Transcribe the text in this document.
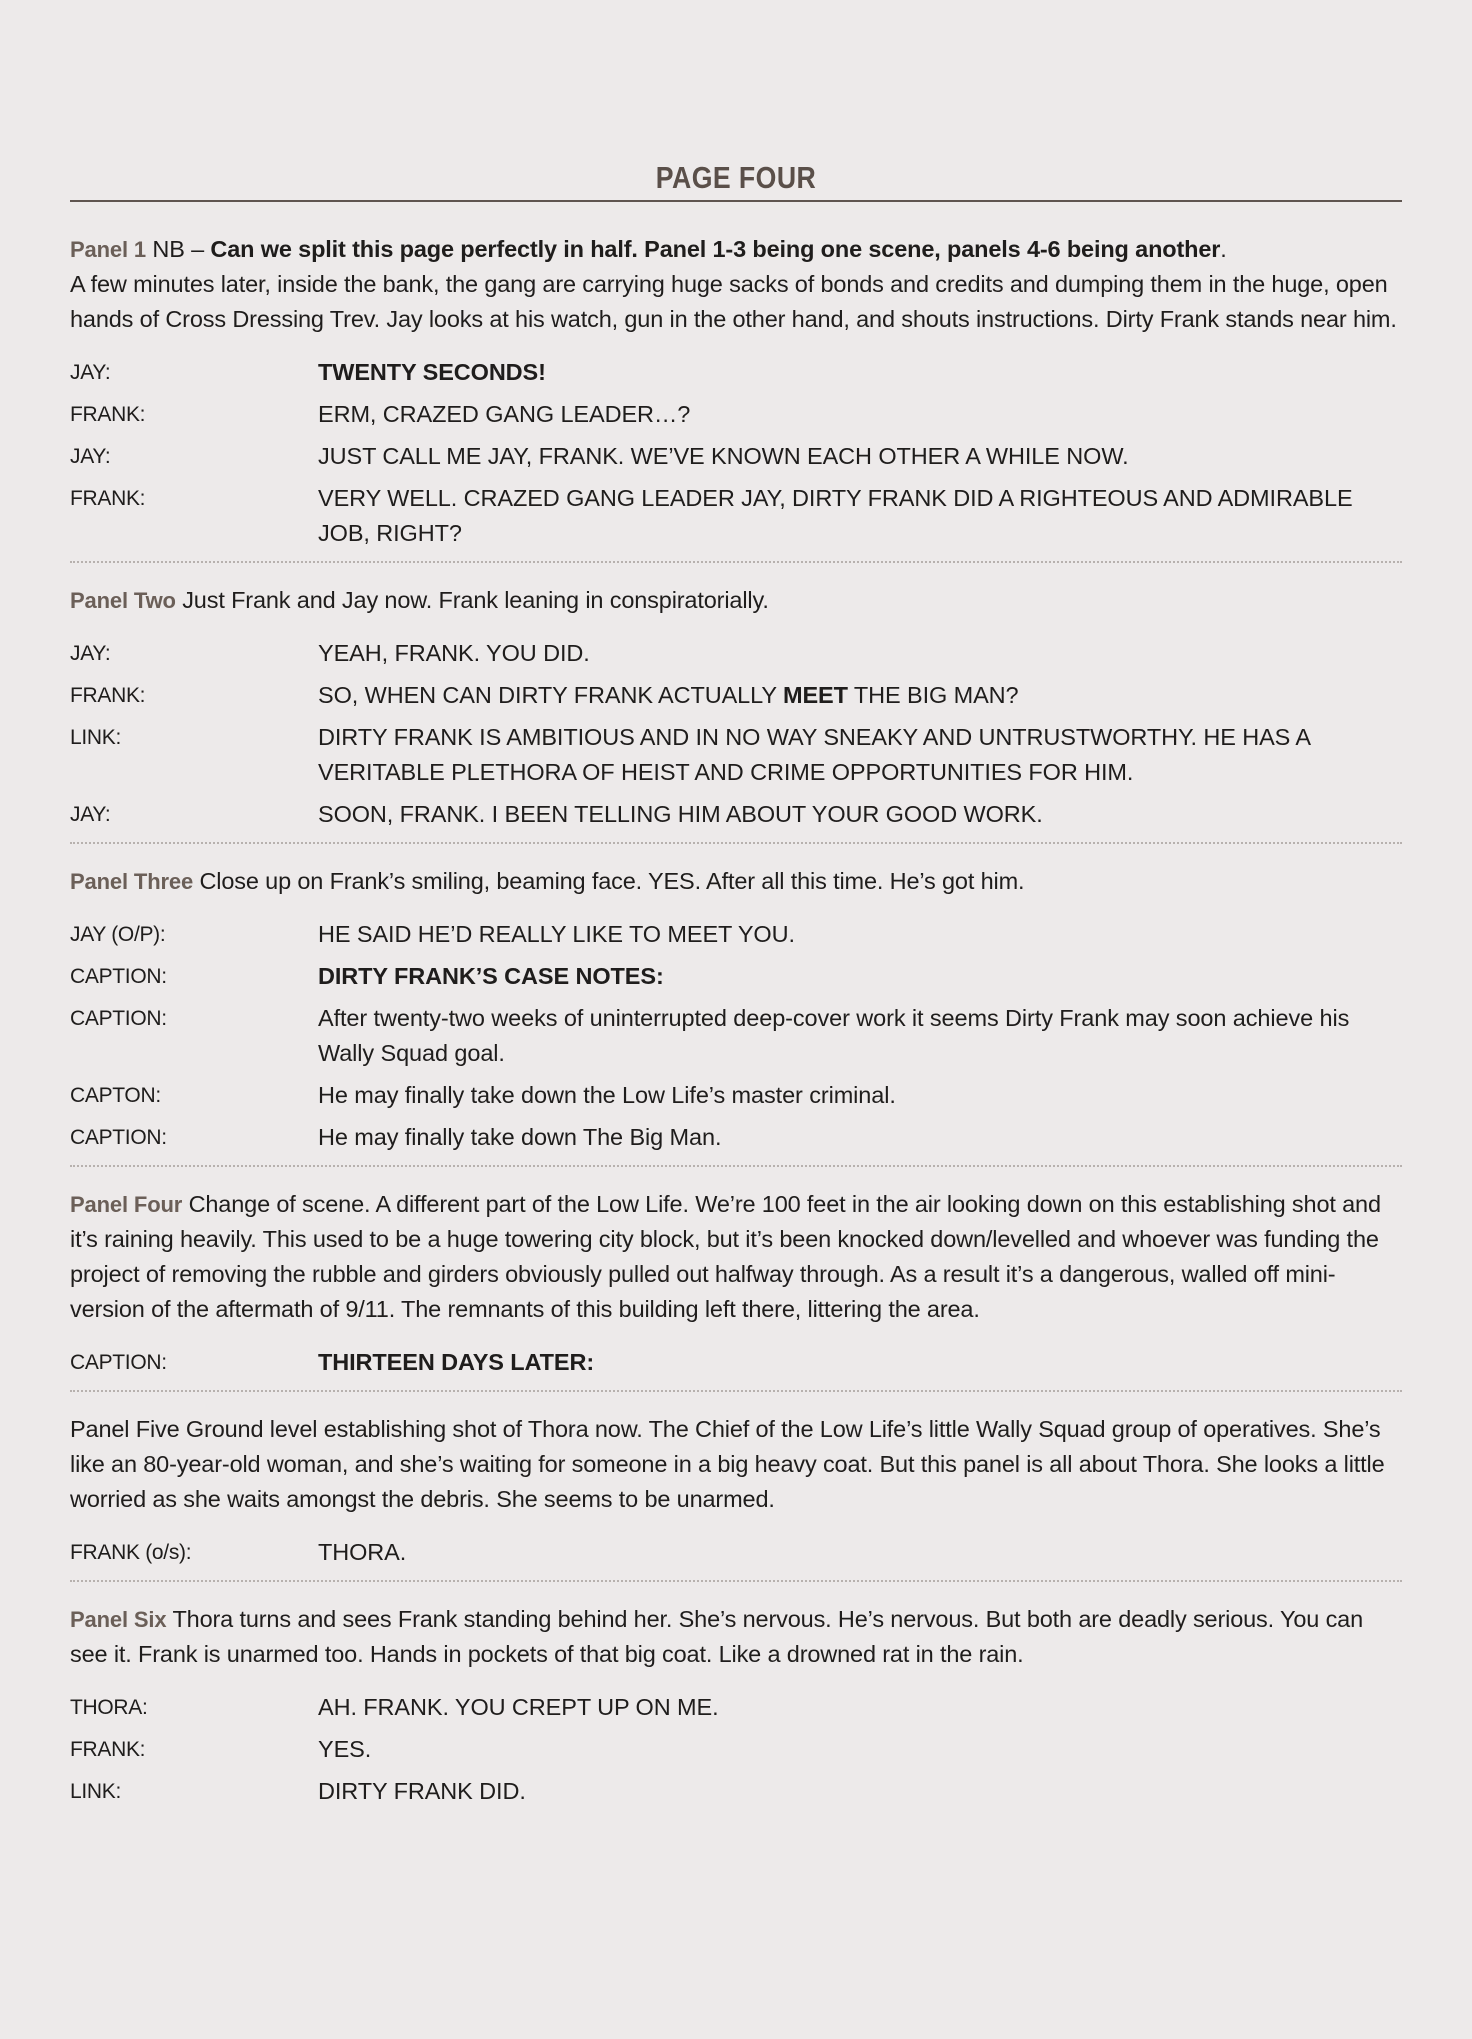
PAGE FOUR

Panel 1 NB – Can we split this page perfectly in half. Panel 1-3 being one scene, panels 4-6 being another.
A few minutes later, inside the bank, the gang are carrying huge sacks of bonds and credits and dumping them in the huge, open hands of Cross Dressing Trev. Jay looks at his watch, gun in the other hand, and shouts instructions. Dirty Frank stands near him.

JAY:	TWENTY SECONDS!
FRANK:	ERM, CRAZED GANG LEADER…?
JAY:	JUST CALL ME JAY, FRANK. WE’VE KNOWN EACH OTHER A WHILE NOW.
FRANK:	VERY WELL. CRAZED GANG LEADER JAY, DIRTY FRANK DID A RIGHTEOUS AND ADMIRABLE JOB, RIGHT?

Panel Two Just Frank and Jay now. Frank leaning in conspiratorially.

JAY:	YEAH, FRANK. YOU DID.
FRANK:	SO, WHEN CAN DIRTY FRANK ACTUALLY MEET THE BIG MAN?
LINK:	DIRTY FRANK IS AMBITIOUS AND IN NO WAY SNEAKY AND UNTRUSTWORTHY. HE HAS A VERITABLE PLETHORA OF HEIST AND CRIME OPPORTUNITIES FOR HIM.
JAY:	SOON, FRANK. I BEEN TELLING HIM ABOUT YOUR GOOD WORK.

Panel Three Close up on Frank’s smiling, beaming face. YES. After all this time. He’s got him.

JAY (O/P):	HE SAID HE’D REALLY LIKE TO MEET YOU.
CAPTION:	DIRTY FRANK’S CASE NOTES:
CAPTION:	After twenty-two weeks of uninterrupted deep-cover work it seems Dirty Frank may soon achieve his Wally Squad goal.
CAPTON:	He may finally take down the Low Life’s master criminal.
CAPTION:	He may finally take down The Big Man.

Panel Four Change of scene. A different part of the Low Life. We’re 100 feet in the air looking down on this establishing shot and it’s raining heavily. This used to be a huge towering city block, but it’s been knocked down/levelled and whoever was funding the project of removing the rubble and girders obviously pulled out halfway through. As a result it’s a dangerous, walled off mini-version of the aftermath of 9/11. The remnants of this building left there, littering the area.

CAPTION:	THIRTEEN DAYS LATER:

Panel Five Ground level establishing shot of Thora now. The Chief of the Low Life’s little Wally Squad group of operatives. She’s like an 80-year-old woman, and she’s waiting for someone in a big heavy coat. But this panel is all about Thora. She looks a little worried as she waits amongst the debris. She seems to be unarmed.

FRANK (o/s):	THORA.

Panel Six Thora turns and sees Frank standing behind her. She’s nervous. He’s nervous. But both are deadly serious. You can see it. Frank is unarmed too. Hands in pockets of that big coat. Like a drowned rat in the rain.

THORA:	AH. FRANK. YOU CREPT UP ON ME.
FRANK:	YES.
LINK:	DIRTY FRANK DID.
